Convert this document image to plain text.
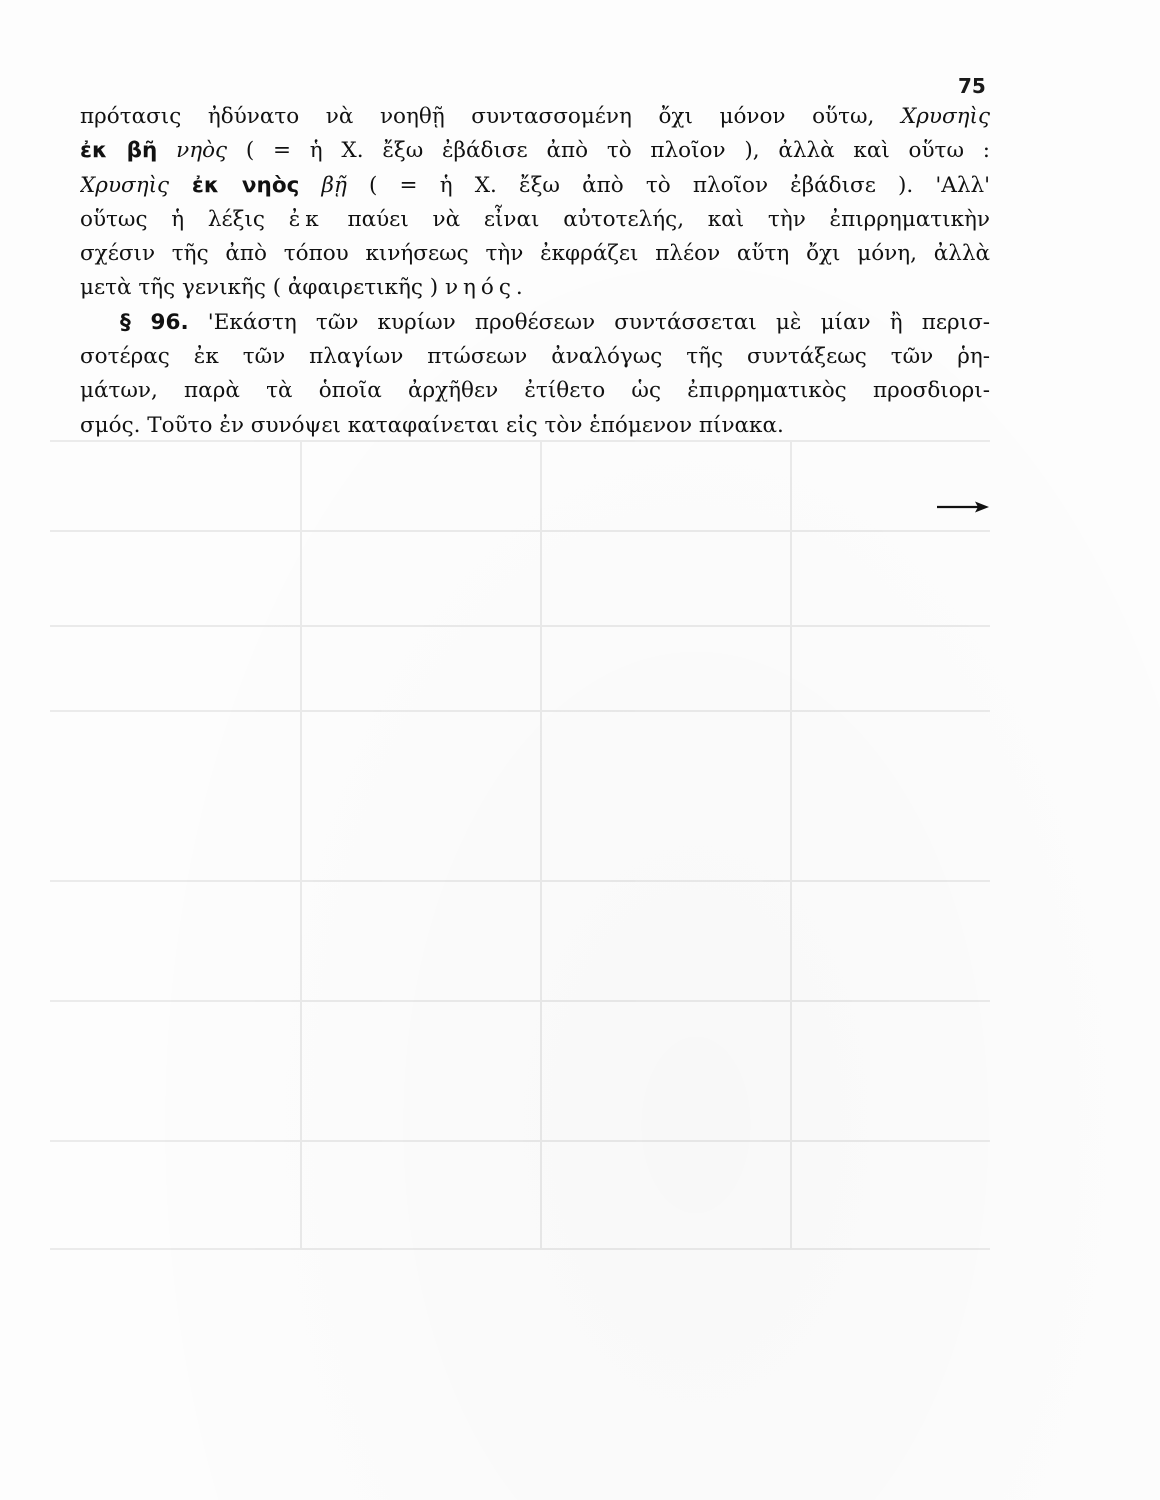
75
πρότασις ἠδύνατο νὰ νοηθῇ συντασσομένη ὄχι μόνον οὕτω, Χρυσηὶς
ἐκ βῆ νηὸς ( = ἡ Χ. ἔξω ἐβάδισε ἀπὸ τὸ πλοῖον ), ἀλλὰ καὶ οὕτω :
Χρυσηὶς ἐκ νηὸς βῇ ( = ἡ Χ. ἔξω ἀπὸ τὸ πλοῖον ἐβάδισε ). 'Αλλ'
οὕτως ἡ λέξις ἐκ παύει νὰ εἶναι αὐτοτελής, καὶ τὴν ἐπιρρηματικὴν
σχέσιν τῆς ἀπὸ τόπου κινήσεως τὴν ἐκφράζει πλέον αὕτη ὄχι μόνη, ἀλλὰ
μετὰ τῆς γενικῆς ( ἀφαιρετικῆς ) νηός.
§ 96. 'Εκάστη τῶν κυρίων προθέσεων συντάσσεται μὲ μίαν ἢ περισ-
σοτέρας ἐκ τῶν πλαγίων πτώσεων ἀναλόγως τῆς συντάξεως τῶν ῥη-
μάτων, παρὰ τὰ ὁποῖα ἀρχῆθεν ἐτίθετο ὡς ἐπιρρηματικὸς προσδιορι-
σμός. Τοῦτο ἐν συνόψει καταφαίνεται εἰς τὸν ἑπόμενον πίνακα.
